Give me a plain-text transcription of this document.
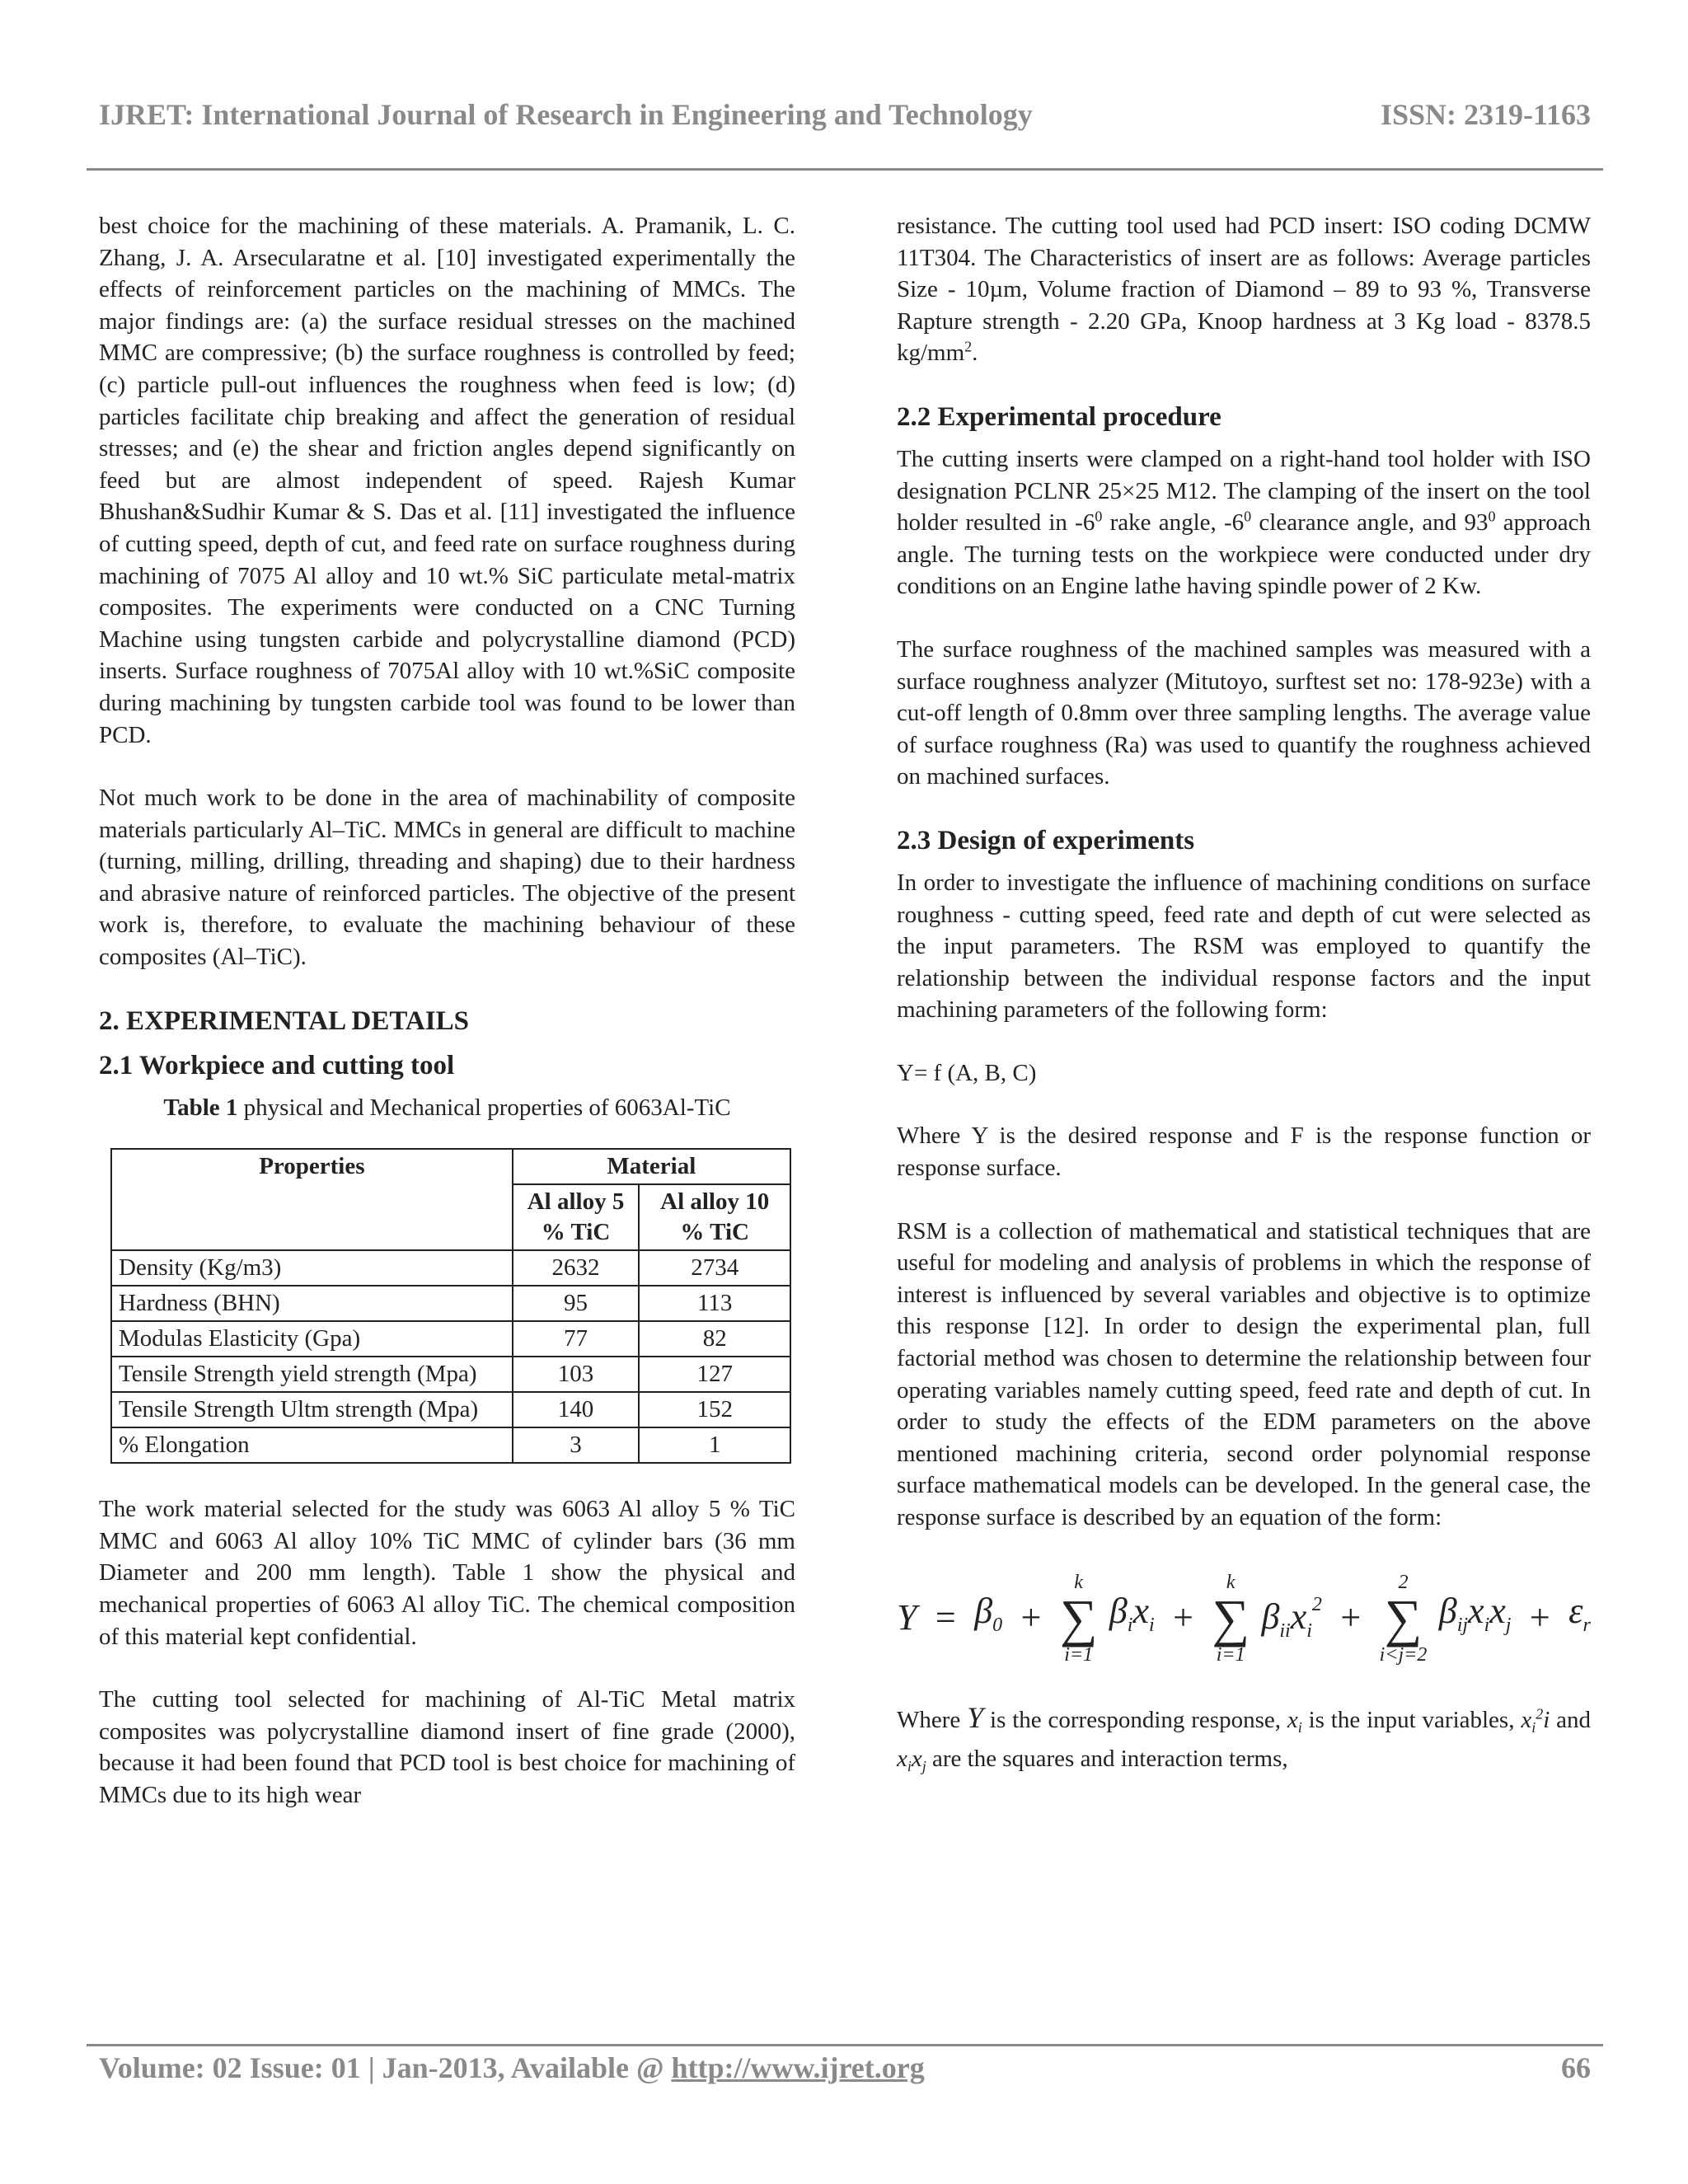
IJRET: International Journal of Research in Engineering and Technology	ISSN: 2319-1163

best choice for the machining of these materials. A. Pramanik, L. C. Zhang, J. A. Arsecularatne et al. [10] investigated experimentally the effects of reinforcement particles on the machining of MMCs. The major findings are: (a) the surface residual stresses on the machined MMC are compressive; (b) the surface roughness is controlled by feed; (c) particle pull-out influences the roughness when feed is low; (d) particles facilitate chip breaking and affect the generation of residual stresses; and (e) the shear and friction angles depend significantly on feed but are almost independent of speed. Rajesh Kumar Bhushan&Sudhir Kumar & S. Das et al. [11] investigated the influence of cutting speed, depth of cut, and feed rate on surface roughness during machining of 7075 Al alloy and 10 wt.% SiC particulate metal-matrix composites. The experiments were conducted on a CNC Turning Machine using tungsten carbide and polycrystalline diamond (PCD) inserts. Surface roughness of 7075Al alloy with 10 wt.%SiC composite during machining by tungsten carbide tool was found to be lower than PCD.

Not much work to be done in the area of machinability of composite materials particularly Al–TiC. MMCs in general are difficult to machine (turning, milling, drilling, threading and shaping) due to their hardness and abrasive nature of reinforced particles. The objective of the present work is, therefore, to evaluate the machining behaviour of these composites (Al–TiC).

2. EXPERIMENTAL DETAILS
2.1 Workpiece and cutting tool
Table 1 physical and Mechanical properties of 6063Al-TiC
Properties	Material	
	Al alloy 5 % TiC	Al alloy 10 % TiC
Density (Kg/m3)	2632	2734
Hardness (BHN)	95	113
Modulas Elasticity (Gpa)	77	82
Tensile Strength yield strength (Mpa)	103	127
Tensile Strength Ultm strength (Mpa)	140	152
% Elongation	3	1

The work material selected for the study was 6063 Al alloy 5 % TiC MMC and 6063 Al alloy 10% TiC MMC of cylinder bars (36 mm Diameter and 200 mm length). Table 1 show the physical and mechanical properties of 6063 Al alloy TiC. The chemical composition of this material kept confidential.

The cutting tool selected for machining of Al-TiC Metal matrix composites was polycrystalline diamond insert of fine grade (2000), because it had been found that PCD tool is best choice for machining of MMCs due to its high wear

resistance. The cutting tool used had PCD insert: ISO coding DCMW 11T304. The Characteristics of insert are as follows: Average particles Size - 10µm, Volume fraction of Diamond – 89 to 93 %, Transverse Rapture strength - 2.20 GPa, Knoop hardness at 3 Kg load - 8378.5 $kg/mm^2$.

2.2 Experimental procedure

The cutting inserts were clamped on a right-hand tool holder with ISO designation PCLNR 25×25 M12. The clamping of the insert on the tool holder resulted in $-6^0$ rake angle, $-6^0$ clearance angle, and $93^0$ approach angle. The turning tests on the workpiece were conducted under dry conditions on an Engine lathe having spindle power of 2 Kw.

The surface roughness of the machined samples was measured with a surface roughness analyzer (Mitutoyo, surftest set no: 178-923e) with a cut-off length of 0.8mm over three sampling lengths. The average value of surface roughness (Ra) was used to quantify the roughness achieved on machined surfaces.

2.3 Design of experiments

In order to investigate the influence of machining conditions on surface roughness - cutting speed, feed rate and depth of cut were selected as the input parameters. The RSM was employed to quantify the relationship between the individual response factors and the input machining parameters of the following form:

Y= f (A, B, C)

Where Y is the desired response and F is the response function or response surface.

RSM is a collection of mathematical and statistical techniques that are useful for modeling and analysis of problems in which the response of interest is influenced by several variables and objective is to optimize this response [12]. In order to design the experimental plan, full factorial method was chosen to determine the relationship between four operating variables namely cutting speed, feed rate and depth of cut. In order to study the effects of the EDM parameters on the above mentioned machining criteria, second order polynomial response surface mathematical models can be developed. In the general case, the response surface is described by an equation of the form:

$Y = \beta_0$ +
k
∑
i=1
$\beta_ix_i$ +
k
∑
i=1
$\beta_{ii}x_i^2$ +
2
∑
i<j=2
$\beta_{ij}x_ix_j + \varepsilon_r$

Where Y is the corresponding response, $x_i$ is the input variables, $x_i^2i$ and $x_ix_j$ are the squares and interaction terms,

Volume: 02 Issue: 01 | Jan-2013, Available @ http://www.ijret.org	66
